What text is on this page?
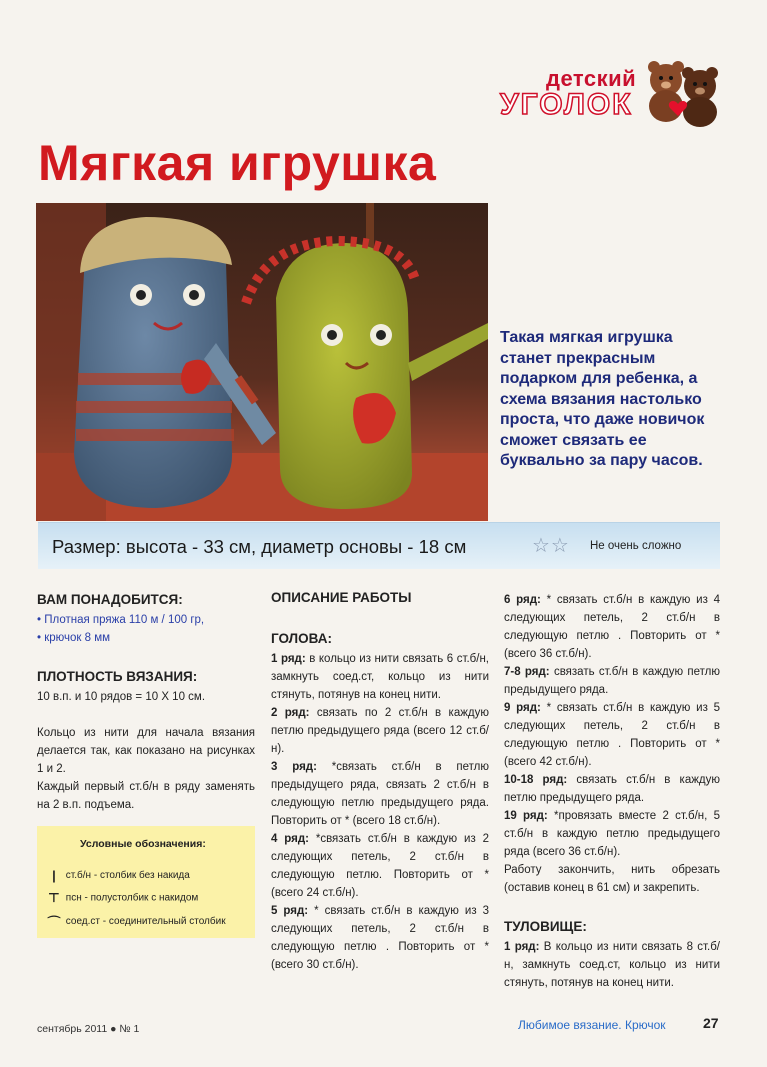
детский
УГОЛОК
Мягкая игрушка
Такая мягкая игрушка станет прекрасным подарком для ребенка, а схема вязания настолько проста, что даже новичок сможет связать ее буквально за пару часов.
Размер: высота - 33 см, диаметр основы - 18 см	☆☆ Не очень сложно
ВАМ ПОНАДОБИТСЯ:
• Плотная пряжа 110 м / 100 гр,
• крючок 8 мм
ПЛОТНОСТЬ ВЯЗАНИЯ:

10 в.п. и 10 рядов = 10 Х 10 см.

Кольцо из нити для начала вязания делается так, как показано на рисунках 1 и 2.

Каждый первый ст.б/н в ряду заменять на 2 в.п. подъема.

Условные обозначения:
| ст.б/н - столбик без накида
⊤ псн - полустолбик с накидом
⌒ соед.ст - соединительный столбик
ОПИСАНИЕ РАБОТЫ
ГОЛОВА:

1 ряд: в кольцо из нити связать 6 ст.б/н, замкнуть соед.ст, кольцо из нити стянуть, потянув на конец нити.

2 ряд: связать по 2 ст.б/н в каждую петлю предыдущего ряда (всего 12 ст.б/н).

3 ряд: *связать ст.б/н в петлю предыдущего ряда, связать 2 ст.б/н в следующую петлю предыдущего ряда. Повторить от * (всего 18 ст.б/н).

4 ряд: *связать ст.б/н в каждую из 2 следующих петель, 2 ст.б/н в следующую петлю. Повторить от * (всего 24 ст.б/н).

5 ряд: * связать ст.б/н в каждую из 3 следующих петель, 2 ст.б/н в следующую петлю . Повторить от * (всего 30 ст.б/н).

6 ряд: * связать ст.б/н в каждую из 4 следующих петель, 2 ст.б/н в следующую петлю . Повторить от * (всего 36 ст.б/н).

7-8 ряд: связать ст.б/н в каждую петлю предыдущего ряда.

9 ряд: * связать ст.б/н в каждую из 5 следующих петель, 2 ст.б/н в следующую петлю . Повторить от * (всего 42 ст.б/н).

10-18 ряд: связать ст.б/н в каждую петлю предыдущего ряда.

19 ряд: *провязать вместе 2 ст.б/н, 5 ст.б/н в каждую петлю предыдущего ряда (всего 36 ст.б/н).

Работу закончить, нить обрезать (оставив конец в 61 см) и закрепить.

ТУЛОВИЩЕ:

1 ряд: В кольцо из нити связать 8 ст.б/н, замкнуть соед.ст, кольцо из нити стянуть, потянув на конец нити.

сентябрь 2011 ● № 1	Любимое вязание. Крючок	27
